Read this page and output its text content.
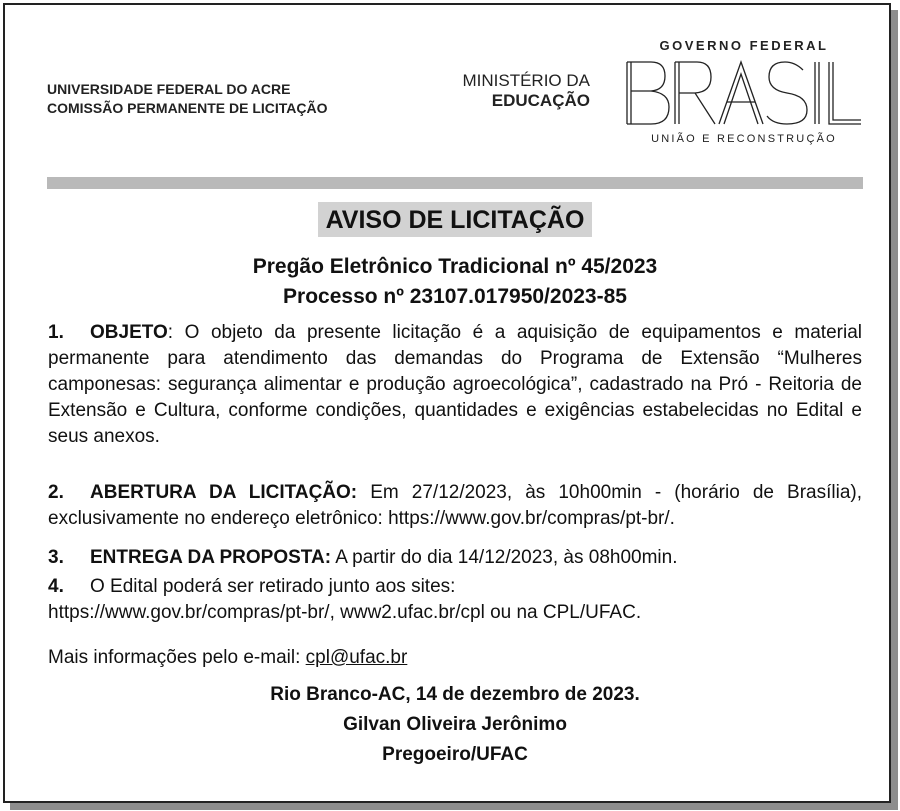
UNIVERSIDADE FEDERAL DO ACRE
COMISSÃO PERMANENTE DE LICITAÇÃO
MINISTÉRIO DA
EDUCAÇÃO
GOVERNO FEDERAL
UNIÃO E RECONSTRUÇÃO
AVISO DE LICITAÇÃO
Pregão Eletrônico Tradicional nº 45/2023
Processo nº 23107.017950/2023-85
1. OBJETO: O objeto da presente licitação é a aquisição de equipamentos e material permanente para atendimento das demandas do Programa de Extensão “Mulheres camponesas: segurança alimentar e produção agroecológica”, cadastrado na Pró - Reitoria de Extensão e Cultura, conforme condições, quantidades e exigências estabelecidas no Edital e seus anexos.
2. ABERTURA DA LICITAÇÃO: Em 27/12/2023, às 10h00min - (horário de Brasília), exclusivamente no endereço eletrônico: https://www.gov.br/compras/pt-br/.
3. ENTREGA DA PROPOSTA: A partir do dia 14/12/2023, às 08h00min.
4. O Edital poderá ser retirado junto aos sites:
https://www.gov.br/compras/pt-br/, www2.ufac.br/cpl ou na CPL/UFAC.
Mais informações pelo e-mail: cpl@ufac.br
Rio Branco-AC, 14 de dezembro de 2023.
Gilvan Oliveira Jerônimo
Pregoeiro/UFAC
